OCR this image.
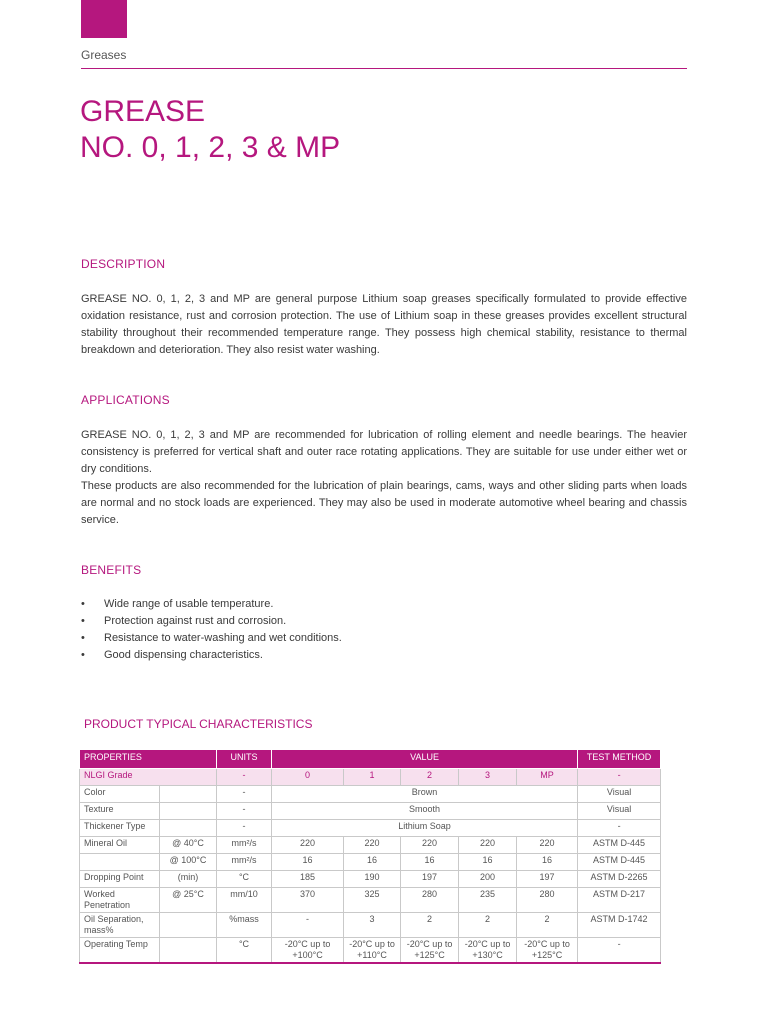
Greases
GREASE
NO. 0, 1, 2, 3 & MP
DESCRIPTION

GREASE NO. 0, 1, 2, 3 and MP are general purpose Lithium soap greases specifically formulated to provide effective oxidation resistance, rust and corrosion protection. The use of Lithium soap in these greases provides excellent structural stability throughout their recommended temperature range. They possess high chemical stability, resistance to thermal breakdown and deterioration. They also resist water washing.

APPLICATIONS

GREASE NO. 0, 1, 2, 3 and MP are recommended for lubrication of rolling element and needle bearings. The heavier consistency is preferred for vertical shaft and outer race rotating applications. They are suitable for use under either wet or dry conditions.

These products are also recommended for the lubrication of plain bearings, cams, ways and other sliding parts when loads are normal and no stock loads are experienced. They may also be used in moderate automotive wheel bearing and chassis service.

BENEFITS
• Wide range of usable temperature.
• Protection against rust and corrosion.
• Resistance to water-washing and wet conditions.
• Good dispensing characteristics.
PRODUCT TYPICAL CHARACTERISTICS
PROPERTIES		UNITS	VALUE					TEST METHOD
NLGI Grade		-	0	1	2	3	MP	-
Color		-	Brown					Visual
Texture		-	Smooth					Visual
Thickener Type		-	Lithium Soap					-
Mineral Oil	@ 40°C	mm²/s	220	220	220	220	220	ASTM D-445
	@ 100°C	mm²/s	16	16	16	16	16	ASTM D-445
Dropping Point	(min)	°C	185	190	197	200	197	ASTM D-2265
Worked Penetration	@ 25°C	mm/10	370	325	280	235	280	ASTM D-217
Oil Separation, mass%		%mass	-	3	2	2	2	ASTM D-1742
Operating Temp		°C	-20°C up to +100°C	-20°C up to +110°C	-20°C up to +125°C	-20°C up to +130°C	-20°C up to +125°C	-
